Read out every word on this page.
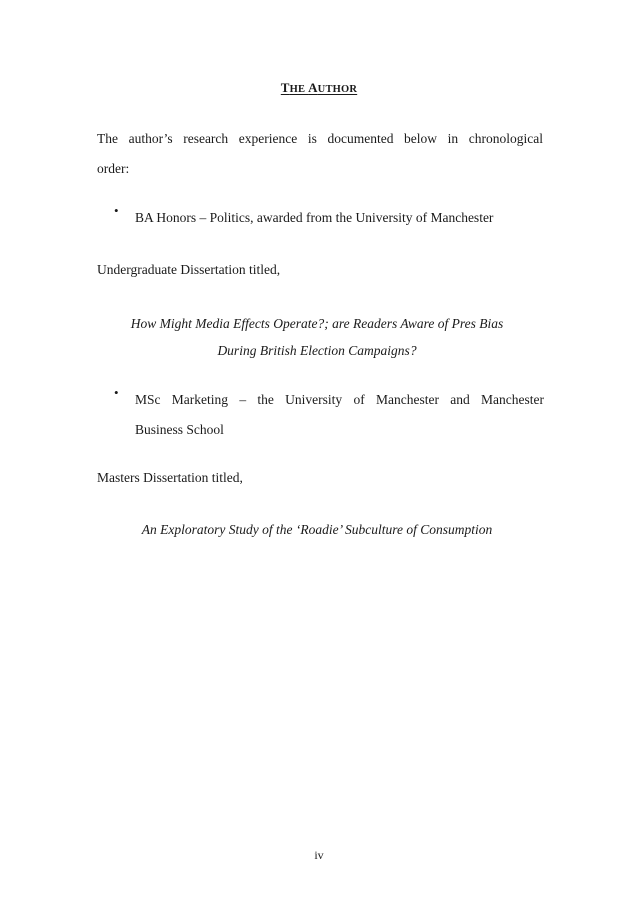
THE AUTHOR
The author’s research experience is documented below in chronological
order:
•	BA Honors – Politics, awarded from the University of Manchester
Undergraduate Dissertation titled,
How Might Media Effects Operate?; are Readers Aware of Pres Bias
During British Election Campaigns?
•	MSc Marketing – the University of Manchester and Manchester
Business School
Masters Dissertation titled,
An Exploratory Study of the ‘Roadie’ Subculture of Consumption
iv
